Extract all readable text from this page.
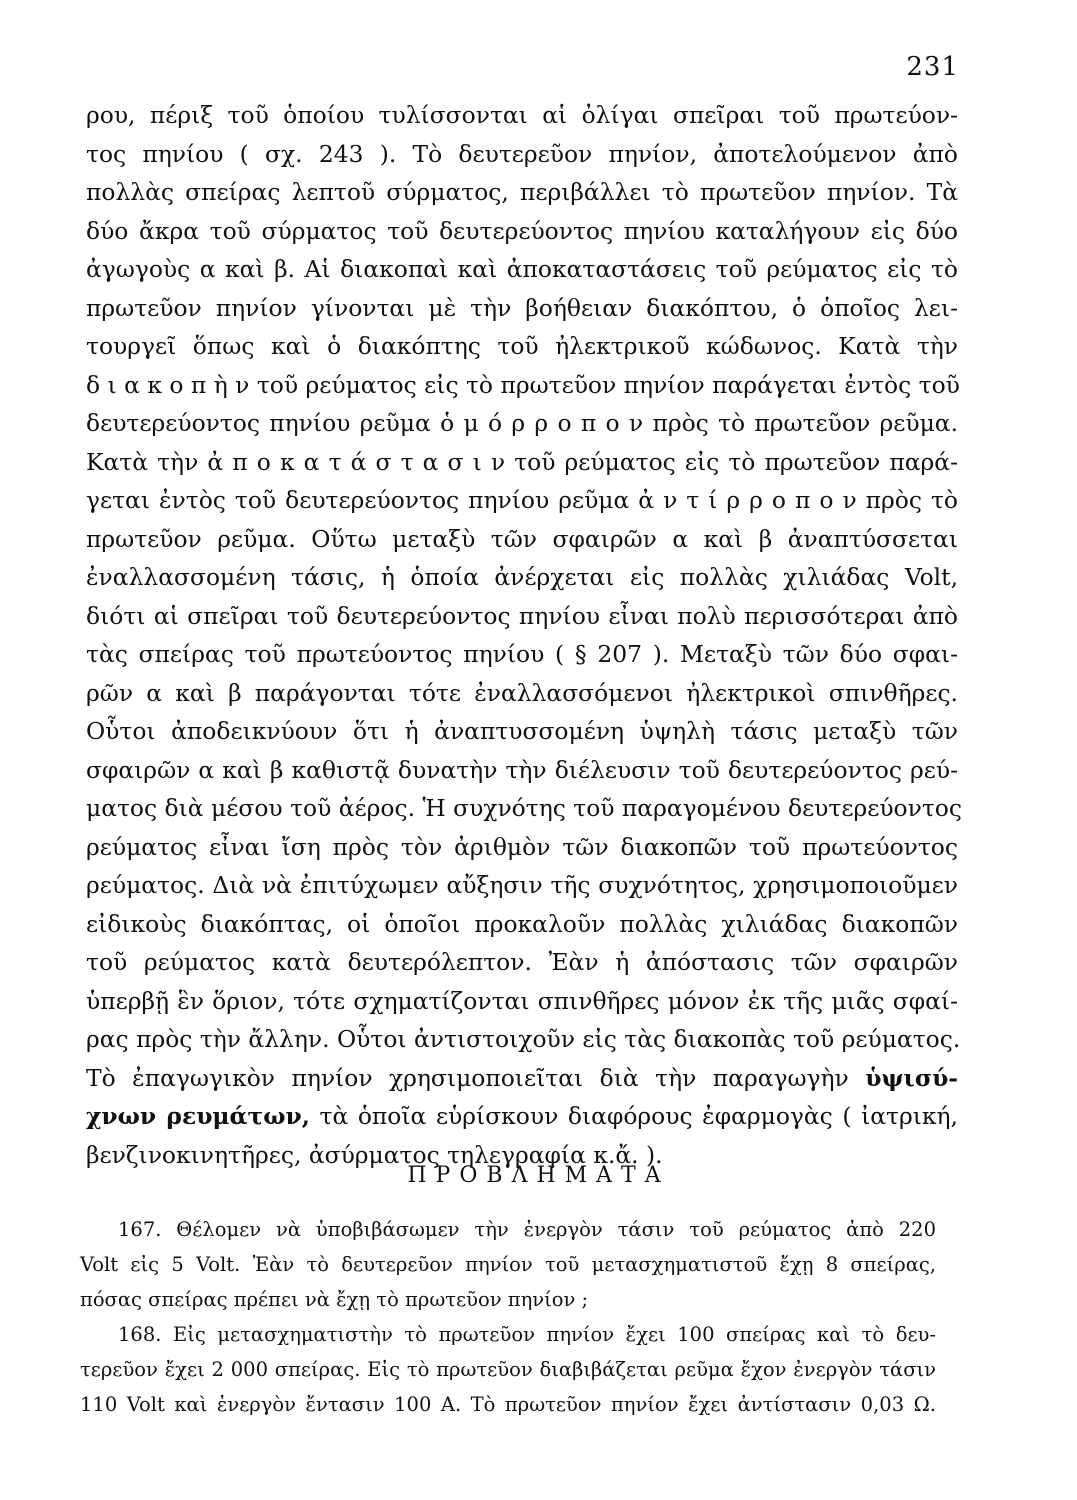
231
ρου, πέριξ τοῦ ὁποίου τυλίσσονται αἱ ὀλίγαι σπεῖραι τοῦ πρωτεύον-
τος πηνίου ( σχ. 243 ). Τὸ δευτερεῦον πηνίον, ἀποτελούμενον ἀπὸ
πολλὰς σπείρας λεπτοῦ σύρματος, περιβάλλει τὸ πρωτεῦον πηνίον. Τὰ
δύο ἄκρα τοῦ σύρματος τοῦ δευτερεύοντος πηνίου καταλήγουν εἰς δύο
ἀγωγοὺς α καὶ β. Αἱ διακοπαὶ καὶ ἀποκαταστάσεις τοῦ ρεύματος εἰς τὸ
πρωτεῦον πηνίον γίνονται μὲ τὴν βοήθειαν διακόπτου, ὁ ὁποῖος λει-
τουργεῖ ὅπως καὶ ὁ διακόπτης τοῦ ἠλεκτρικοῦ κώδωνος. Κατὰ τὴν
δ ι α κ ο π ὴ ν τοῦ ρεύματος εἰς τὸ πρωτεῦον πηνίον παράγεται ἐντὸς τοῦ
δευτερεύοντος πηνίου ρεῦμα ὁ μ ό ρ ρ ο π ο ν πρὸς τὸ πρωτεῦον ρεῦμα.
Κατὰ τὴν ἀ π ο κ α τ ά σ τ α σ ι ν τοῦ ρεύματος εἰς τὸ πρωτεῦον παρά-
γεται ἐντὸς τοῦ δευτερεύοντος πηνίου ρεῦμα ἀ ν τ ί ρ ρ ο π ο ν πρὸς τὸ
πρωτεῦον ρεῦμα. Οὕτω μεταξὺ τῶν σφαιρῶν α καὶ β ἀναπτύσσεται
ἐναλλασσομένη τάσις, ἡ ὁποία ἀνέρχεται εἰς πολλὰς χιλιάδας Volt,
διότι αἱ σπεῖραι τοῦ δευτερεύοντος πηνίου εἶναι πολὺ περισσότεραι ἀπὸ
τὰς σπείρας τοῦ πρωτεύοντος πηνίου ( § 207 ). Μεταξὺ τῶν δύο σφαι-
ρῶν α καὶ β παράγονται τότε ἐναλλασσόμενοι ἠλεκτρικοὶ σπινθῆρες.
Οὗτοι ἀποδεικνύουν ὅτι ἡ ἀναπτυσσομένη ὑψηλὴ τάσις μεταξὺ τῶν
σφαιρῶν α καὶ β καθιστᾷ δυνατὴν τὴν διέλευσιν τοῦ δευτερεύοντος ρεύ-
ματος διὰ μέσου τοῦ ἀέρος. Ἡ συχνότης τοῦ παραγομένου δευτερεύοντος
ρεύματος εἶναι ἴση πρὸς τὸν ἀριθμὸν τῶν διακοπῶν τοῦ πρωτεύοντος
ρεύματος. Διὰ νὰ ἐπιτύχωμεν αὔξησιν τῆς συχνότητος, χρησιμοποιοῦμεν
εἰδικοὺς διακόπτας, οἱ ὁποῖοι προκαλοῦν πολλὰς χιλιάδας διακοπῶν
τοῦ ρεύματος κατὰ δευτερόλεπτον. Ἐὰν ἡ ἀπόστασις τῶν σφαιρῶν
ὑπερβῇ ἓν ὅριον, τότε σχηματίζονται σπινθῆρες μόνον ἐκ τῆς μιᾶς σφαί-
ρας πρὸς τὴν ἄλλην. Οὗτοι ἀντιστοιχοῦν εἰς τὰς διακοπὰς τοῦ ρεύματος.
Τὸ ἐπαγωγικὸν πηνίον χρησιμοποιεῖται διὰ τὴν παραγωγὴν ὑψισύ-
χνων ρευμάτων, τὰ ὁποῖα εὑρίσκουν διαφόρους ἐφαρμογὰς ( ἰατρική,
βενζινοκινητῆρες, ἀσύρματος τηλεγραφία κ.ἄ. ).
ΠΡΟΒΛΗΜΑΤΑ
167. Θέλομεν νὰ ὑποβιβάσωμεν τὴν ἐνεργὸν τάσιν τοῦ ρεύματος ἀπὸ 220
Volt εἰς 5 Volt. Ἐὰν τὸ δευτερεῦον πηνίον τοῦ μετασχηματιστοῦ ἔχῃ 8 σπείρας,
πόσας σπείρας πρέπει νὰ ἔχῃ τὸ πρωτεῦον πηνίον ;
168. Εἰς μετασχηματιστὴν τὸ πρωτεῦον πηνίον ἔχει 100 σπείρας καὶ τὸ δευ-
τερεῦον ἔχει 2 000 σπείρας. Εἰς τὸ πρωτεῦον διαβιβάζεται ρεῦμα ἔχον ἐνεργὸν τάσιν
110 Volt καὶ ἐνεργὸν ἔντασιν 100 Α. Τὸ πρωτεῦον πηνίον ἔχει ἀντίστασιν 0,03 Ω.
